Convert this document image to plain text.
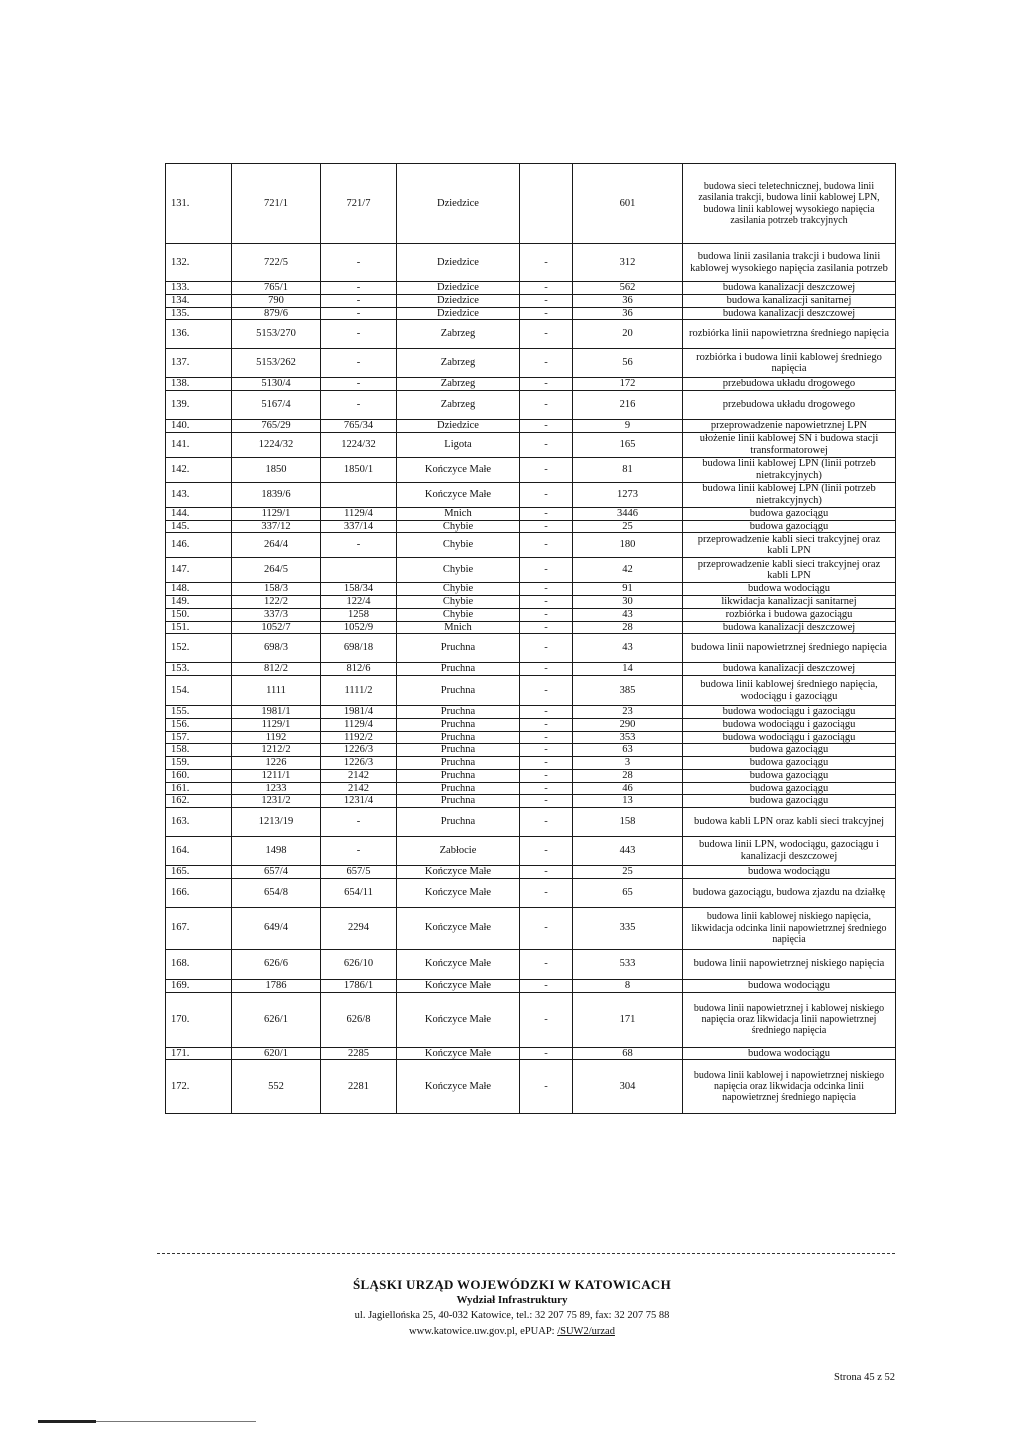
131.	721/1	721/7	Dziedzice		601	budowa sieci teletechnicznej, budowa linii zasilania trakcji, budowa linii kablowej LPN, budowa linii kablowej wysokiego napięcia zasilania potrzeb trakcyjnych
132.	722/5	-	Dziedzice	-	312	budowa linii zasilania trakcji i budowa linii kablowej wysokiego napięcia zasilania potrzeb
133.	765/1	-	Dziedzice	-	562	budowa kanalizacji deszczowej
134.	790	-	Dziedzice	-	36	budowa kanalizacji sanitarnej
135.	879/6	-	Dziedzice	-	36	budowa kanalizacji deszczowej
136.	5153/270	-	Zabrzeg	-	20	rozbiórka linii napowietrzna średniego napięcia
137.	5153/262	-	Zabrzeg	-	56	rozbiórka i budowa linii kablowej średniego napięcia
138.	5130/4	-	Zabrzeg	-	172	przebudowa układu drogowego
139.	5167/4	-	Zabrzeg	-	216	przebudowa układu drogowego
140.	765/29	765/34	Dziedzice	-	9	przeprowadzenie napowietrznej LPN
141.	1224/32	1224/32	Ligota	-	165	ułożenie linii kablowej SN i budowa stacji transformatorowej
142.	1850	1850/1	Kończyce Małe	-	81	budowa linii kablowej LPN (linii potrzeb nietrakcyjnych)
143.	1839/6		Kończyce Małe	-	1273	budowa linii kablowej LPN (linii potrzeb nietrakcyjnych)
144.	1129/1	1129/4	Mnich	-	3446	budowa gazociągu
145.	337/12	337/14	Chybie	-	25	budowa gazociągu
146.	264/4	-	Chybie	-	180	przeprowadzenie kabli sieci trakcyjnej oraz kabli LPN
147.	264/5		Chybie	-	42	przeprowadzenie kabli sieci trakcyjnej oraz kabli LPN
148.	158/3	158/34	Chybie	-	91	budowa wodociągu
149.	122/2	122/4	Chybie	-	30	likwidacja kanalizacji sanitarnej
150.	337/3	1258	Chybie	-	43	rozbiórka i budowa gazociągu
151.	1052/7	1052/9	Mnich	-	28	budowa kanalizacji deszczowej
152.	698/3	698/18	Pruchna	-	43	budowa linii napowietrznej średniego napięcia
153.	812/2	812/6	Pruchna	-	14	budowa kanalizacji deszczowej
154.	1111	1111/2	Pruchna	-	385	budowa linii kablowej średniego napięcia, wodociągu i gazociągu
155.	1981/1	1981/4	Pruchna	-	23	budowa wodociągu i gazociągu
156.	1129/1	1129/4	Pruchna	-	290	budowa wodociągu i gazociągu
157.	1192	1192/2	Pruchna	-	353	budowa wodociągu i gazociągu
158.	1212/2	1226/3	Pruchna	-	63	budowa gazociągu
159.	1226	1226/3	Pruchna	-	3	budowa gazociągu
160.	1211/1	2142	Pruchna	-	28	budowa gazociągu
161.	1233	2142	Pruchna	-	46	budowa gazociągu
162.	1231/2	1231/4	Pruchna	-	13	budowa gazociągu
163.	1213/19	-	Pruchna	-	158	budowa kabli LPN oraz kabli sieci trakcyjnej
164.	1498	-	Zabłocie	-	443	budowa linii LPN, wodociągu, gazociągu i kanalizacji deszczowej
165.	657/4	657/5	Kończyce Małe	-	25	budowa wodociągu
166.	654/8	654/11	Kończyce Małe	-	65	budowa gazociągu, budowa zjazdu na działkę
167.	649/4	2294	Kończyce Małe	-	335	budowa linii kablowej niskiego napięcia, likwidacja odcinka linii napowietrznej średniego napięcia
168.	626/6	626/10	Kończyce Małe	-	533	budowa linii napowietrznej niskiego napięcia
169.	1786	1786/1	Kończyce Małe	-	8	budowa wodociągu
170.	626/1	626/8	Kończyce Małe	-	171	budowa linii napowietrznej i kablowej niskiego napięcia oraz likwidacja linii napowietrznej średniego napięcia
171.	620/1	2285	Kończyce Małe	-	68	budowa wodociągu
172.	552	2281	Kończyce Małe	-	304	budowa linii kablowej i napowietrznej niskiego napięcia oraz likwidacja odcinka linii napowietrznej średniego napięcia
ŚLĄSKI URZĄD WOJEWÓDZKI W KATOWICACH
Wydział Infrastruktury
ul. Jagiellońska 25, 40-032 Katowice, tel.: 32 207 75 89, fax: 32 207 75 88
www.katowice.uw.gov.pl, ePUAP: /SUW2/urzad
Strona 45 z 52
